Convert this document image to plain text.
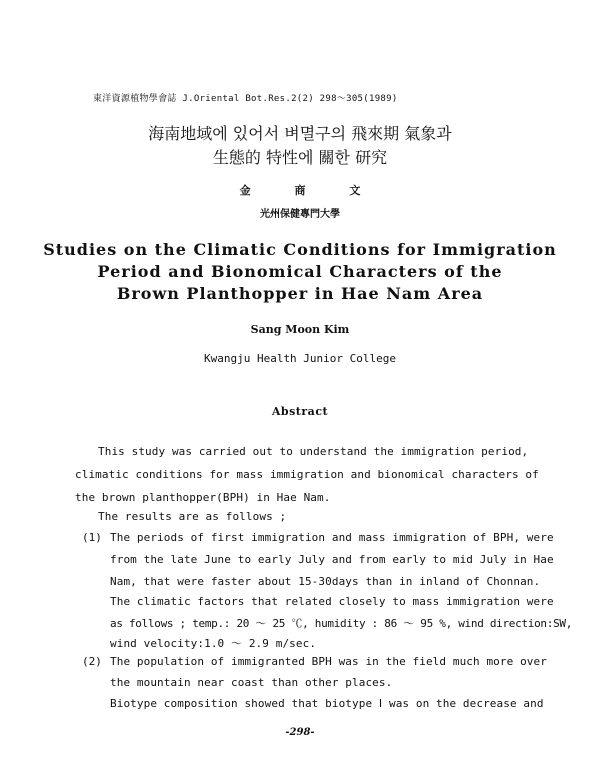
東洋資源植物學會誌 J.Oriental Bot.Res.2(2) 298～305(1989)
海南地域에 있어서 벼멸구의 飛來期 氣象과
生態的 特性에 關한 研究
金 商 文
光州保健專門大學
Studies on the Climatic Conditions for Immigration
Period and Bionomical Characters of the
Brown Planthopper in Hae Nam Area
Sang Moon Kim
Kwangju Health Junior College
Abstract
This study was carried out to understand the immigration period,
climatic conditions for mass immigration and bionomical characters of
the brown planthopper(BPH) in Hae Nam.
The results are as follows ;
(1) The periods of first immigration and mass immigration of BPH, were
from the late June to early July and from early to mid July in Hae
Nam, that were faster about 15-30days than in inland of Chonnan.
The climatic factors that related closely to mass immigration were
as follows ; temp.: 20 ～ 25 ℃, humidity : 86 ～ 95 %, wind direction:SW,
wind velocity:1.0 ～ 2.9 m/sec.
(2) The population of immigranted BPH was in the field much more over
the mountain near coast than other places.
Biotype composition showed that biotype Ⅰ was on the decrease and
-298-
